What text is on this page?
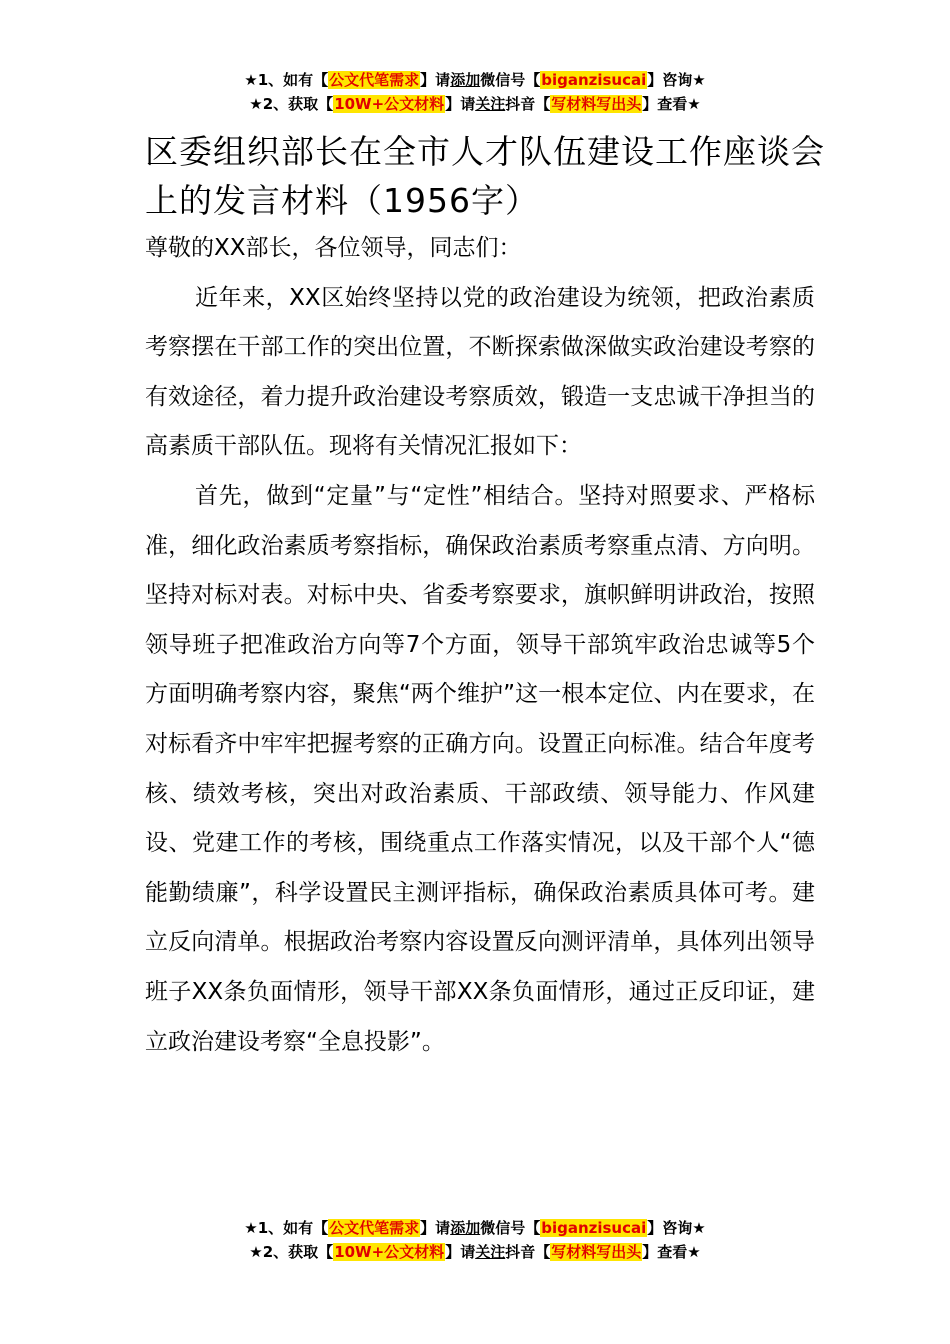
★1、如有【公文代笔需求】请添加微信号【biganzisucai】咨询★
★2、获取【10W+公文材料】请关注抖音【写材料写出头】查看★
区委组织部长在全市人才队伍建设工作座谈会上的发言材料（1956字）

尊敬的XX部长，各位领导，同志们：

近年来，XX区始终坚持以党的政治建设为统领，把政治素质考察摆在干部工作的突出位置，不断探索做深做实政治建设考察的有效途径，着力提升政治建设考察质效，锻造一支忠诚干净担当的高素质干部队伍。现将有关情况汇报如下：

首先，做到“定量”与“定性”相结合。坚持对照要求、严格标准，细化政治素质考察指标，确保政治素质考察重点清、方向明。坚持对标对表。对标中央、省委考察要求，旗帜鲜明讲政治，按照领导班子把准政治方向等7个方面，领导干部筑牢政治忠诚等5个方面明确考察内容，聚焦“两个维护”这一根本定位、内在要求，在对标看齐中牢牢把握考察的正确方向。设置正向标准。结合年度考核、绩效考核，突出对政治素质、干部政绩、领导能力、作风建设、党建工作的考核，围绕重点工作落实情况，以及干部个人“德能勤绩廉”，科学设置民主测评指标，确保政治素质具体可考。建立反向清单。根据政治考察内容设置反向测评清单，具体列出领导班子XX条负面情形，领导干部XX条负面情形，通过正反印证，建立政治建设考察“全息投影”。

★1、如有【公文代笔需求】请添加微信号【biganzisucai】咨询★
★2、获取【10W+公文材料】请关注抖音【写材料写出头】查看★
